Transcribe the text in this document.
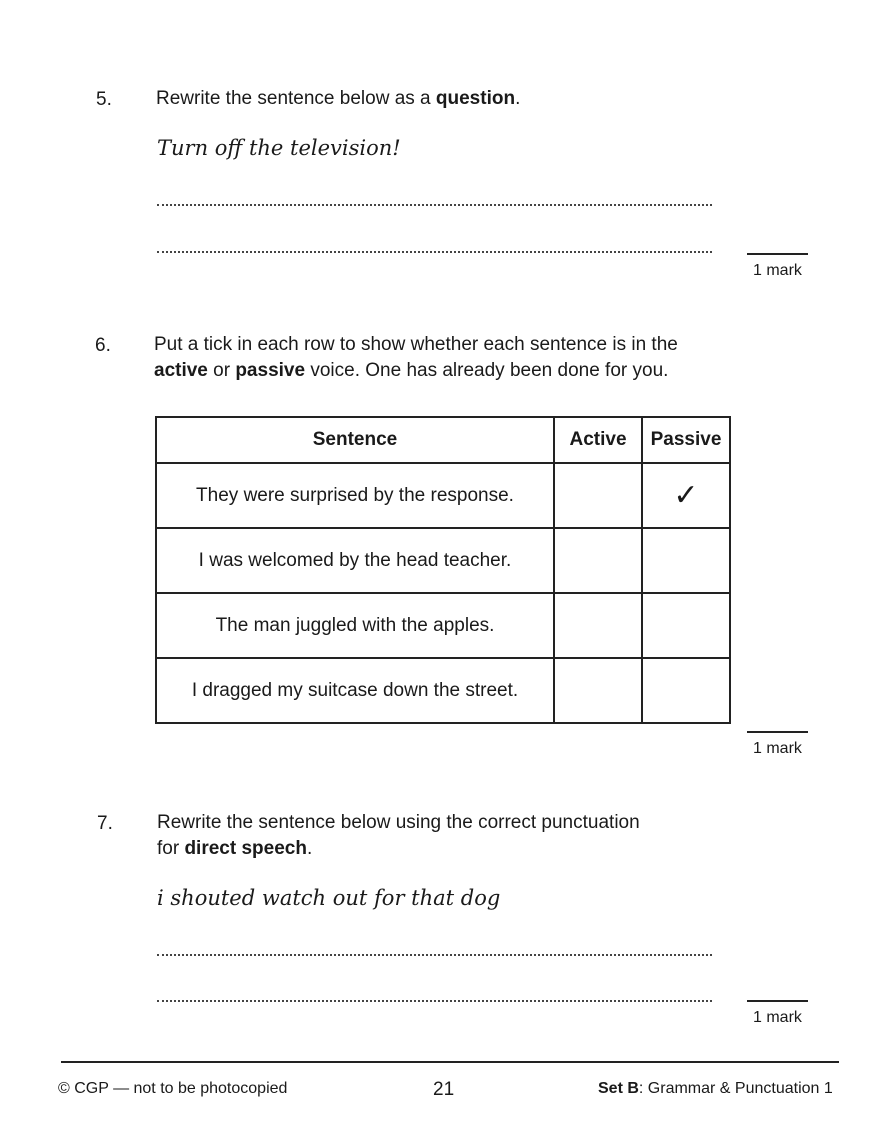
5. Rewrite the sentence below as a question.
Turn off the television!
1 mark
6. Put a tick in each row to show whether each sentence is in the
active or passive voice. One has already been done for you.
Sentence	Active	Passive
They were surprised by the response.		✓
I was welcomed by the head teacher.		
The man juggled with the apples.		
I dragged my suitcase down the street.		
1 mark
7. Rewrite the sentence below using the correct punctuation
for direct speech.
i shouted watch out for that dog
1 mark
© CGP — not to be photocopied	21	Set B: Grammar & Punctuation 1
